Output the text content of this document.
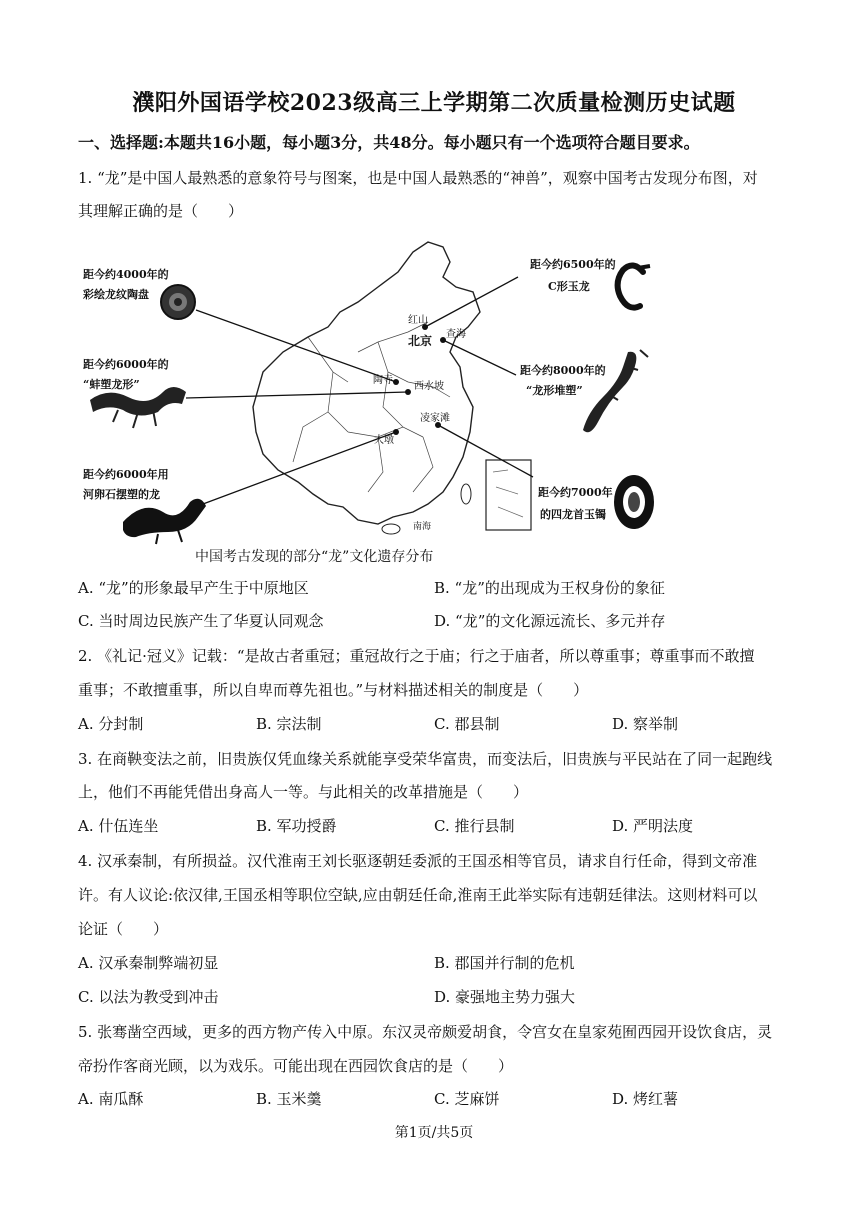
濮阳外国语学校2023级高三上学期第二次质量检测历史试题
一、选择题:本题共16小题，每小题3分，共48分。每小题只有一个选项符合题目要求。
1. “龙”是中国人最熟悉的意象符号与图案，也是中国人最熟悉的“神兽”，观察中国考古发现分布图，对
其理解正确的是（　　）
距今约4000年的
彩绘龙纹陶盘
距今约6000年的
“蚌塑龙形”
距今约6000年用
河卵石摆塑的龙
距今约6500年的
C形玉龙
距今约8000年的
“龙形堆塑”
距今约7000年
的四龙首玉镯
红山
查海
北京
陶寺
西水坡
大墩
凌家滩
南海
中国考古发现的部分“龙”文化遗存分布
A. “龙”的形象最早产生于中原地区	B. “龙”的出现成为王权身份的象征
C. 当时周边民族产生了华夏认同观念	D. “龙”的文化源远流长、多元并存
2. 《礼记·冠义》记载：“是故古者重冠；重冠故行之于庙；行之于庙者，所以尊重事；尊重事而不敢擅
重事；不敢擅重事，所以自卑而尊先祖也。”与材料描述相关的制度是（　　）
A. 分封制	B. 宗法制	C. 郡县制	D. 察举制
3. 在商鞅变法之前，旧贵族仅凭血缘关系就能享受荣华富贵，而变法后，旧贵族与平民站在了同一起跑线
上，他们不再能凭借出身高人一等。与此相关的改革措施是（　　）
A. 什伍连坐	B. 军功授爵	C. 推行县制	D. 严明法度
4. 汉承秦制，有所损益。汉代淮南王刘长驱逐朝廷委派的王国丞相等官员，请求自行任命，得到文帝准
许。有人议论:依汉律,王国丞相等职位空缺,应由朝廷任命,淮南王此举实际有违朝廷律法。这则材料可以
论证（　　）
A. 汉承秦制弊端初显	B. 郡国并行制的危机
C. 以法为教受到冲击	D. 豪强地主势力强大
5. 张骞凿空西域，更多的西方物产传入中原。东汉灵帝颇爱胡食，令宫女在皇家苑囿西园开设饮食店，灵
帝扮作客商光顾，以为戏乐。可能出现在西园饮食店的是（　　）
A. 南瓜酥	B. 玉米羹	C. 芝麻饼	D. 烤红薯
第1页/共5页
